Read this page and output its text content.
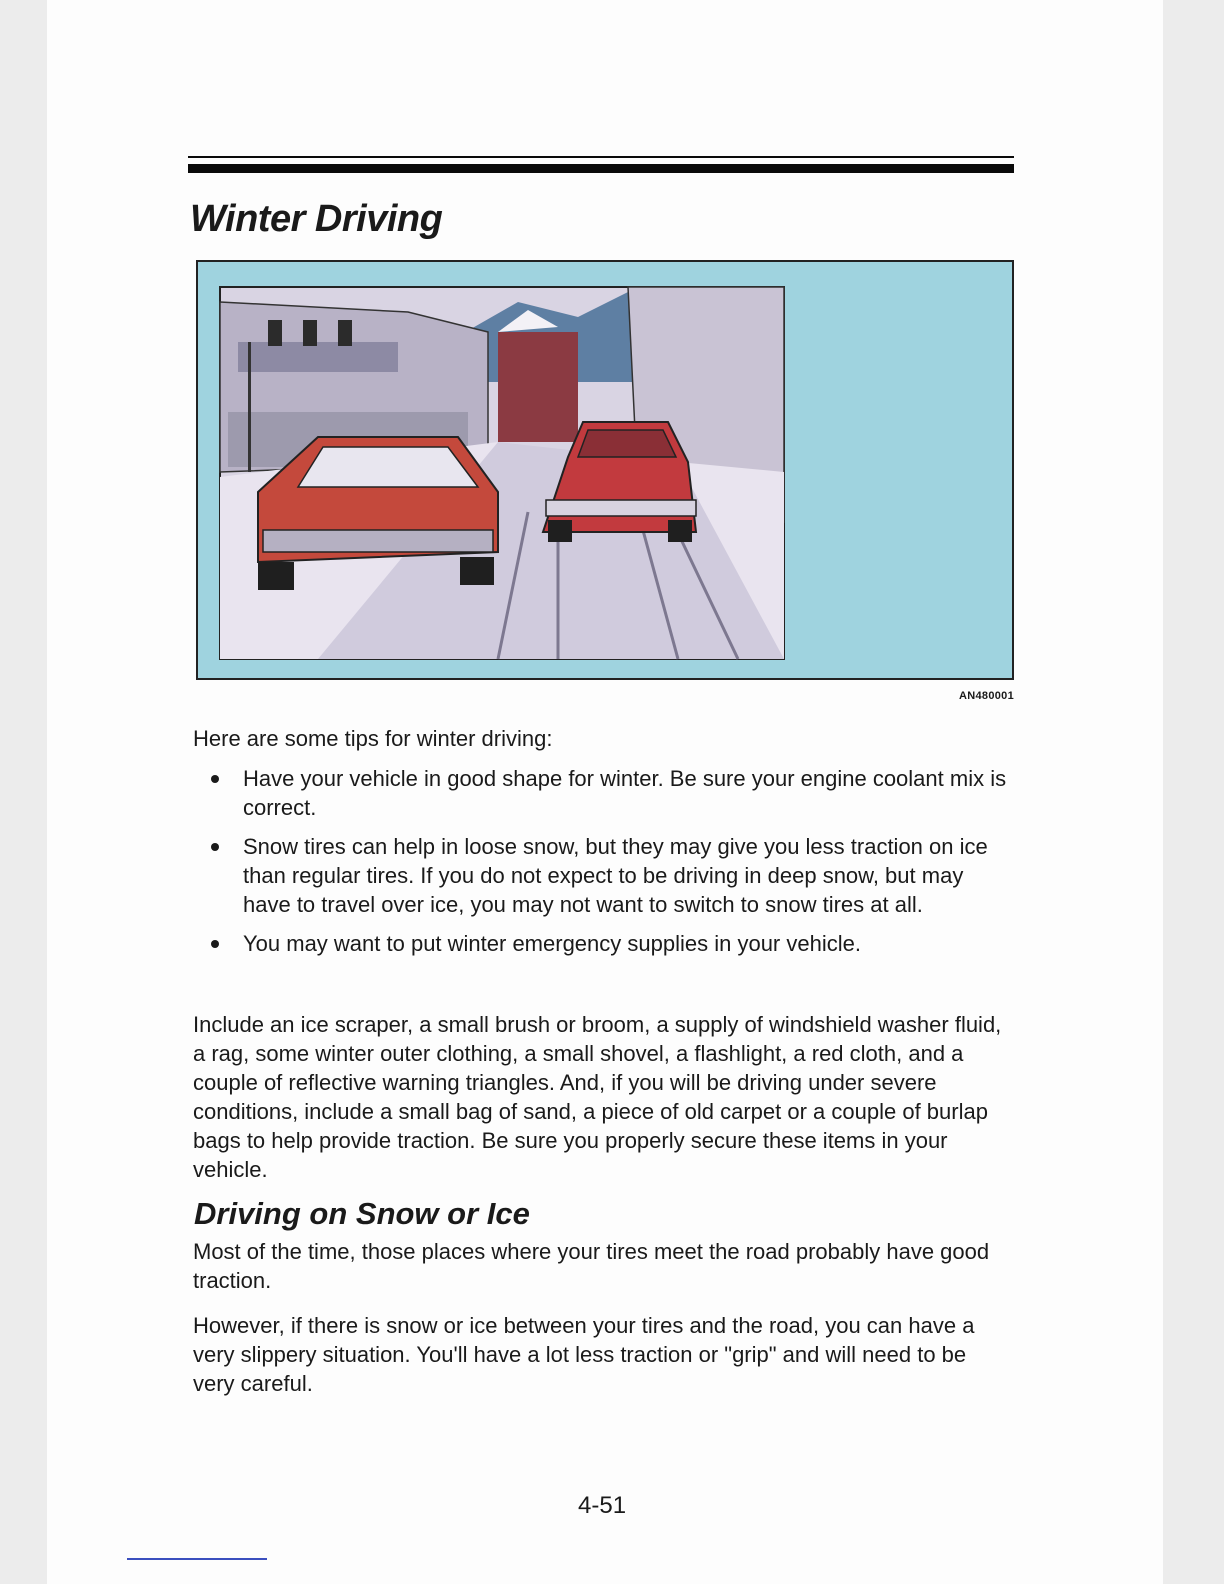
Winter Driving
AN480001

Here are some tips for winter driving:

Have your vehicle in good shape for winter. Be sure your engine coolant mix is correct.
Snow tires can help in loose snow, but they may give you less traction on ice than regular tires. If you do not expect to be driving in deep snow, but may have to travel over ice, you may not want to switch to snow tires at all.
You may want to put winter emergency supplies in your vehicle.

Include an ice scraper, a small brush or broom, a supply of windshield washer fluid, a rag, some winter outer clothing, a small shovel, a flashlight, a red cloth, and a couple of reflective warning triangles. And, if you will be driving under severe conditions, include a small bag of sand, a piece of old carpet or a couple of burlap bags to help provide traction. Be sure you properly secure these items in your vehicle.

Driving on Snow or Ice

Most of the time, those places where your tires meet the road probably have good traction.

However, if there is snow or ice between your tires and the road, you can have a very slippery situation. You'll have a lot less traction or "grip" and will need to be very careful.

4-51
